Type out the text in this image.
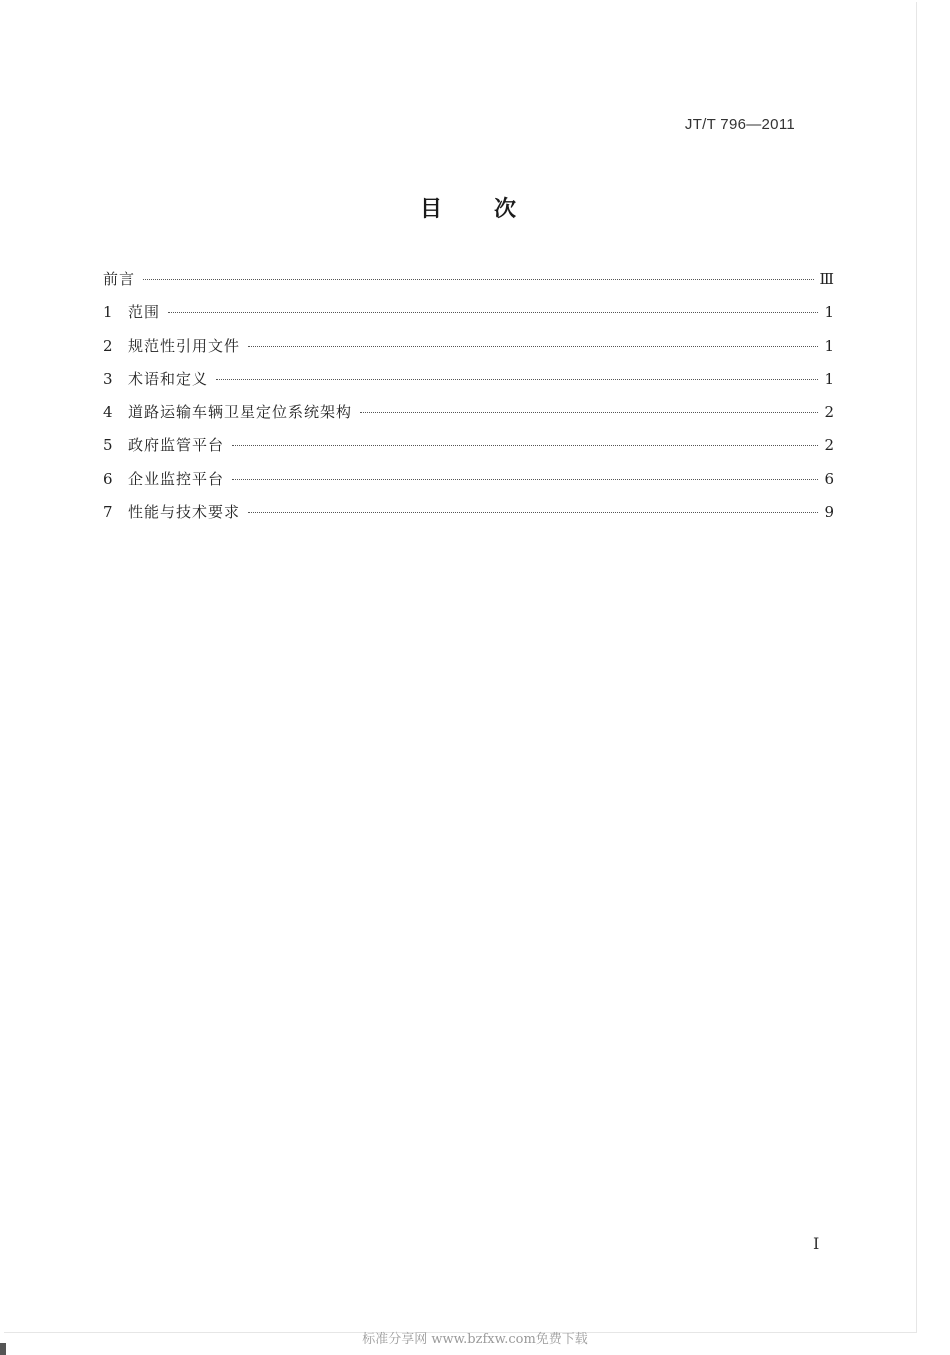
JT/T 796—2011
目次
前言	Ⅲ
1	范围	1
2	规范性引用文件	1
3	术语和定义	1
4	道路运输车辆卫星定位系统架构	2
5	政府监管平台	2
6	企业监控平台	6
7	性能与技术要求	9
I
标准分享网 www.bzfxw.com免费下载
